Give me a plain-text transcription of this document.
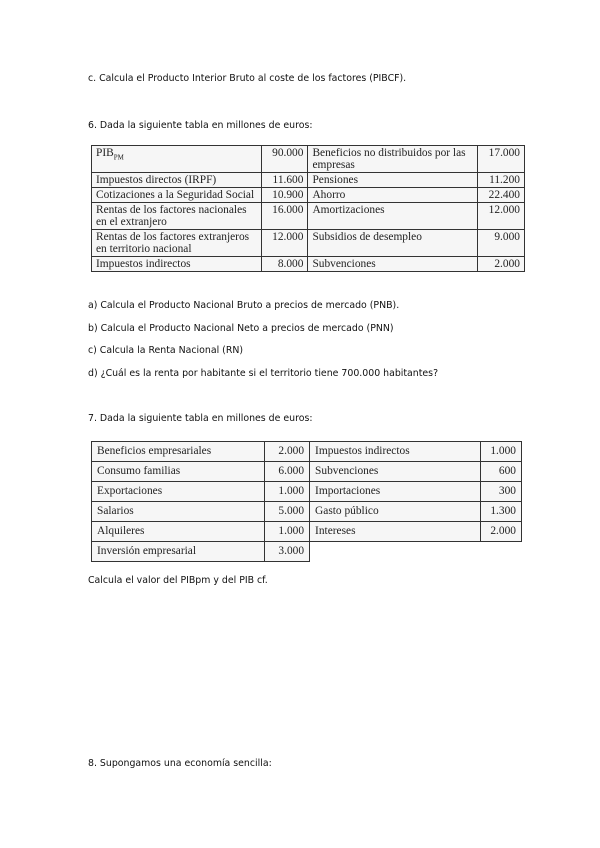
c. Calcula el Producto Interior Bruto al coste de los factores (PIBCF).
6. Dada la siguiente tabla en millones de euros:
$PIB_{PM}$	90.000	Beneficios no distribuidos por las empresas	17.000
Impuestos directos (IRPF)	11.600	Pensiones	11.200
Cotizaciones a la Seguridad Social	10.900	Ahorro	22.400
Rentas de los factores nacionales en el extranjero	16.000	Amortizaciones	12.000
Rentas de los factores extranjeros en territorio nacional	12.000	Subsidios de desempleo	9.000
Impuestos indirectos	8.000	Subvenciones	2.000
a) Calcula el Producto Nacional Bruto a precios de mercado (PNB).
b) Calcula el Producto Nacional Neto a precios de mercado (PNN)
c) Calcula la Renta Nacional (RN)
d) ¿Cuál es la renta por habitante si el territorio tiene 700.000 habitantes?
7. Dada la siguiente tabla en millones de euros:
Beneficios empresariales	2.000	Impuestos indirectos	1.000
Consumo familias	6.000	Subvenciones	600
Exportaciones	1.000	Importaciones	300
Salarios	5.000	Gasto público	1.300
Alquileres	1.000	Intereses	2.000
Inversión empresarial	3.000		
Calcula el valor del PIBpm y del PIB cf.
8. Supongamos una economía sencilla:
